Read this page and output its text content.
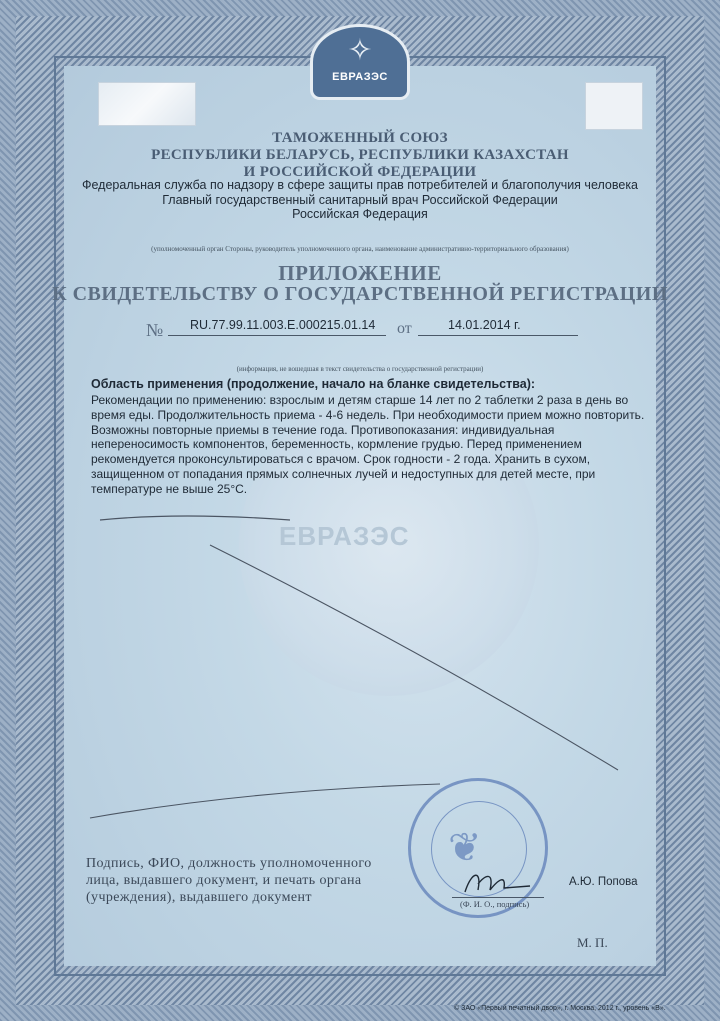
ЕВРАЗЭС
✧
ЕВРАЗЭС
ТАМОЖЕННЫЙ СОЮЗ
РЕСПУБЛИКИ БЕЛАРУСЬ, РЕСПУБЛИКИ КАЗАХСТАН
И РОССИЙСКОЙ ФЕДЕРАЦИИ
Федеральная служба по надзору в сфере защиты прав потребителей и благополучия человека
Главный государственный санитарный врач Российской Федерации
Российская Федерация
(уполномоченный орган Стороны, руководитель уполномоченного органа, наименование административно-территориального образования)
ПРИЛОЖЕНИЕ
К СВИДЕТЕЛЬСТВУ О ГОСУДАРСТВЕННОЙ РЕГИСТРАЦИИ
№ RU.77.99.11.003.Е.000215.01.14 от	14.01.2014 г.
(информация, не вошедшая в текст свидетельства о государственной регистрации)
Область применения (продолжение, начало на бланке свидетельства):
Рекомендации по применению: взрослым и детям старше 14 лет по 2 таблетки 2 раза в день во
время еды. Продолжительность приема - 4-6 недель. При необходимости прием можно повторить.
Возможны повторные приемы в течение года. Противопоказания: индивидуальная
непереносимость компонентов, беременность, кормление грудью. Перед применением
рекомендуется проконсультироваться с врачом. Срок годности - 2 года. Хранить в сухом,
защищенном от попадания прямых солнечных лучей и недоступных для детей месте, при
температуре не выше 25°С.
❦
Подпись, ФИО, должность уполномоченного
лица, выдавшего документ, и печать органа
(учреждения), выдавшего документ
А.Ю. Попова
(Ф. И. О., подпись)
М. П.
© ЗАО «Первый печатный двор», г. Москва, 2012 г., уровень «В».
